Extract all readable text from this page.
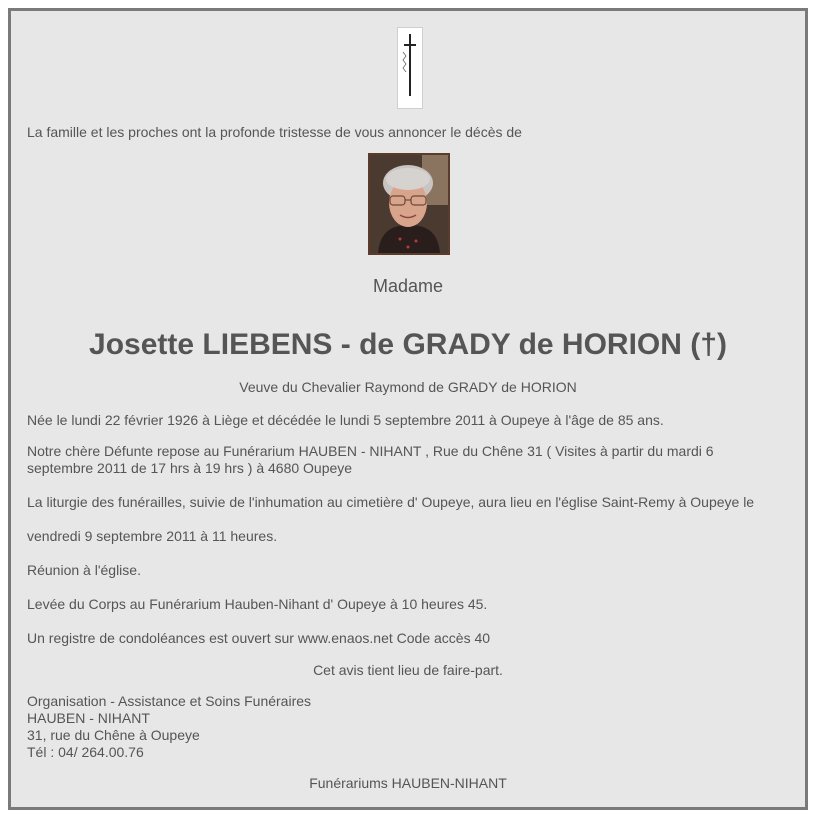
La famille et les proches ont la profonde tristesse de vous annoncer le décès de
Madame
Josette LIEBENS - de GRADY de HORION (†)
Veuve du Chevalier Raymond de GRADY de HORION
Née le lundi 22 février 1926 à Liège et décédée le lundi 5 septembre 2011 à Oupeye à l'âge de 85 ans.
Notre chère Défunte repose au Funérarium HAUBEN - NIHANT , Rue du Chêne 31 ( Visites à partir du mardi 6
septembre 2011 de 17 hrs à 19 hrs ) à 4680 Oupeye
La liturgie des funérailles, suivie de l'inhumation au cimetière d' Oupeye, aura lieu en l'église Saint-Remy à Oupeye le
vendredi 9 septembre 2011 à 11 heures.
Réunion à l'église.
Levée du Corps au Funérarium Hauben-Nihant d' Oupeye à 10 heures 45.
Un registre de condoléances est ouvert sur www.enaos.net Code accès 40
Cet avis tient lieu de faire-part.
Organisation - Assistance et Soins Funéraires
HAUBEN - NIHANT
31, rue du Chêne à Oupeye
Tél : 04/ 264.00.76
Funérariums HAUBEN-NIHANT
